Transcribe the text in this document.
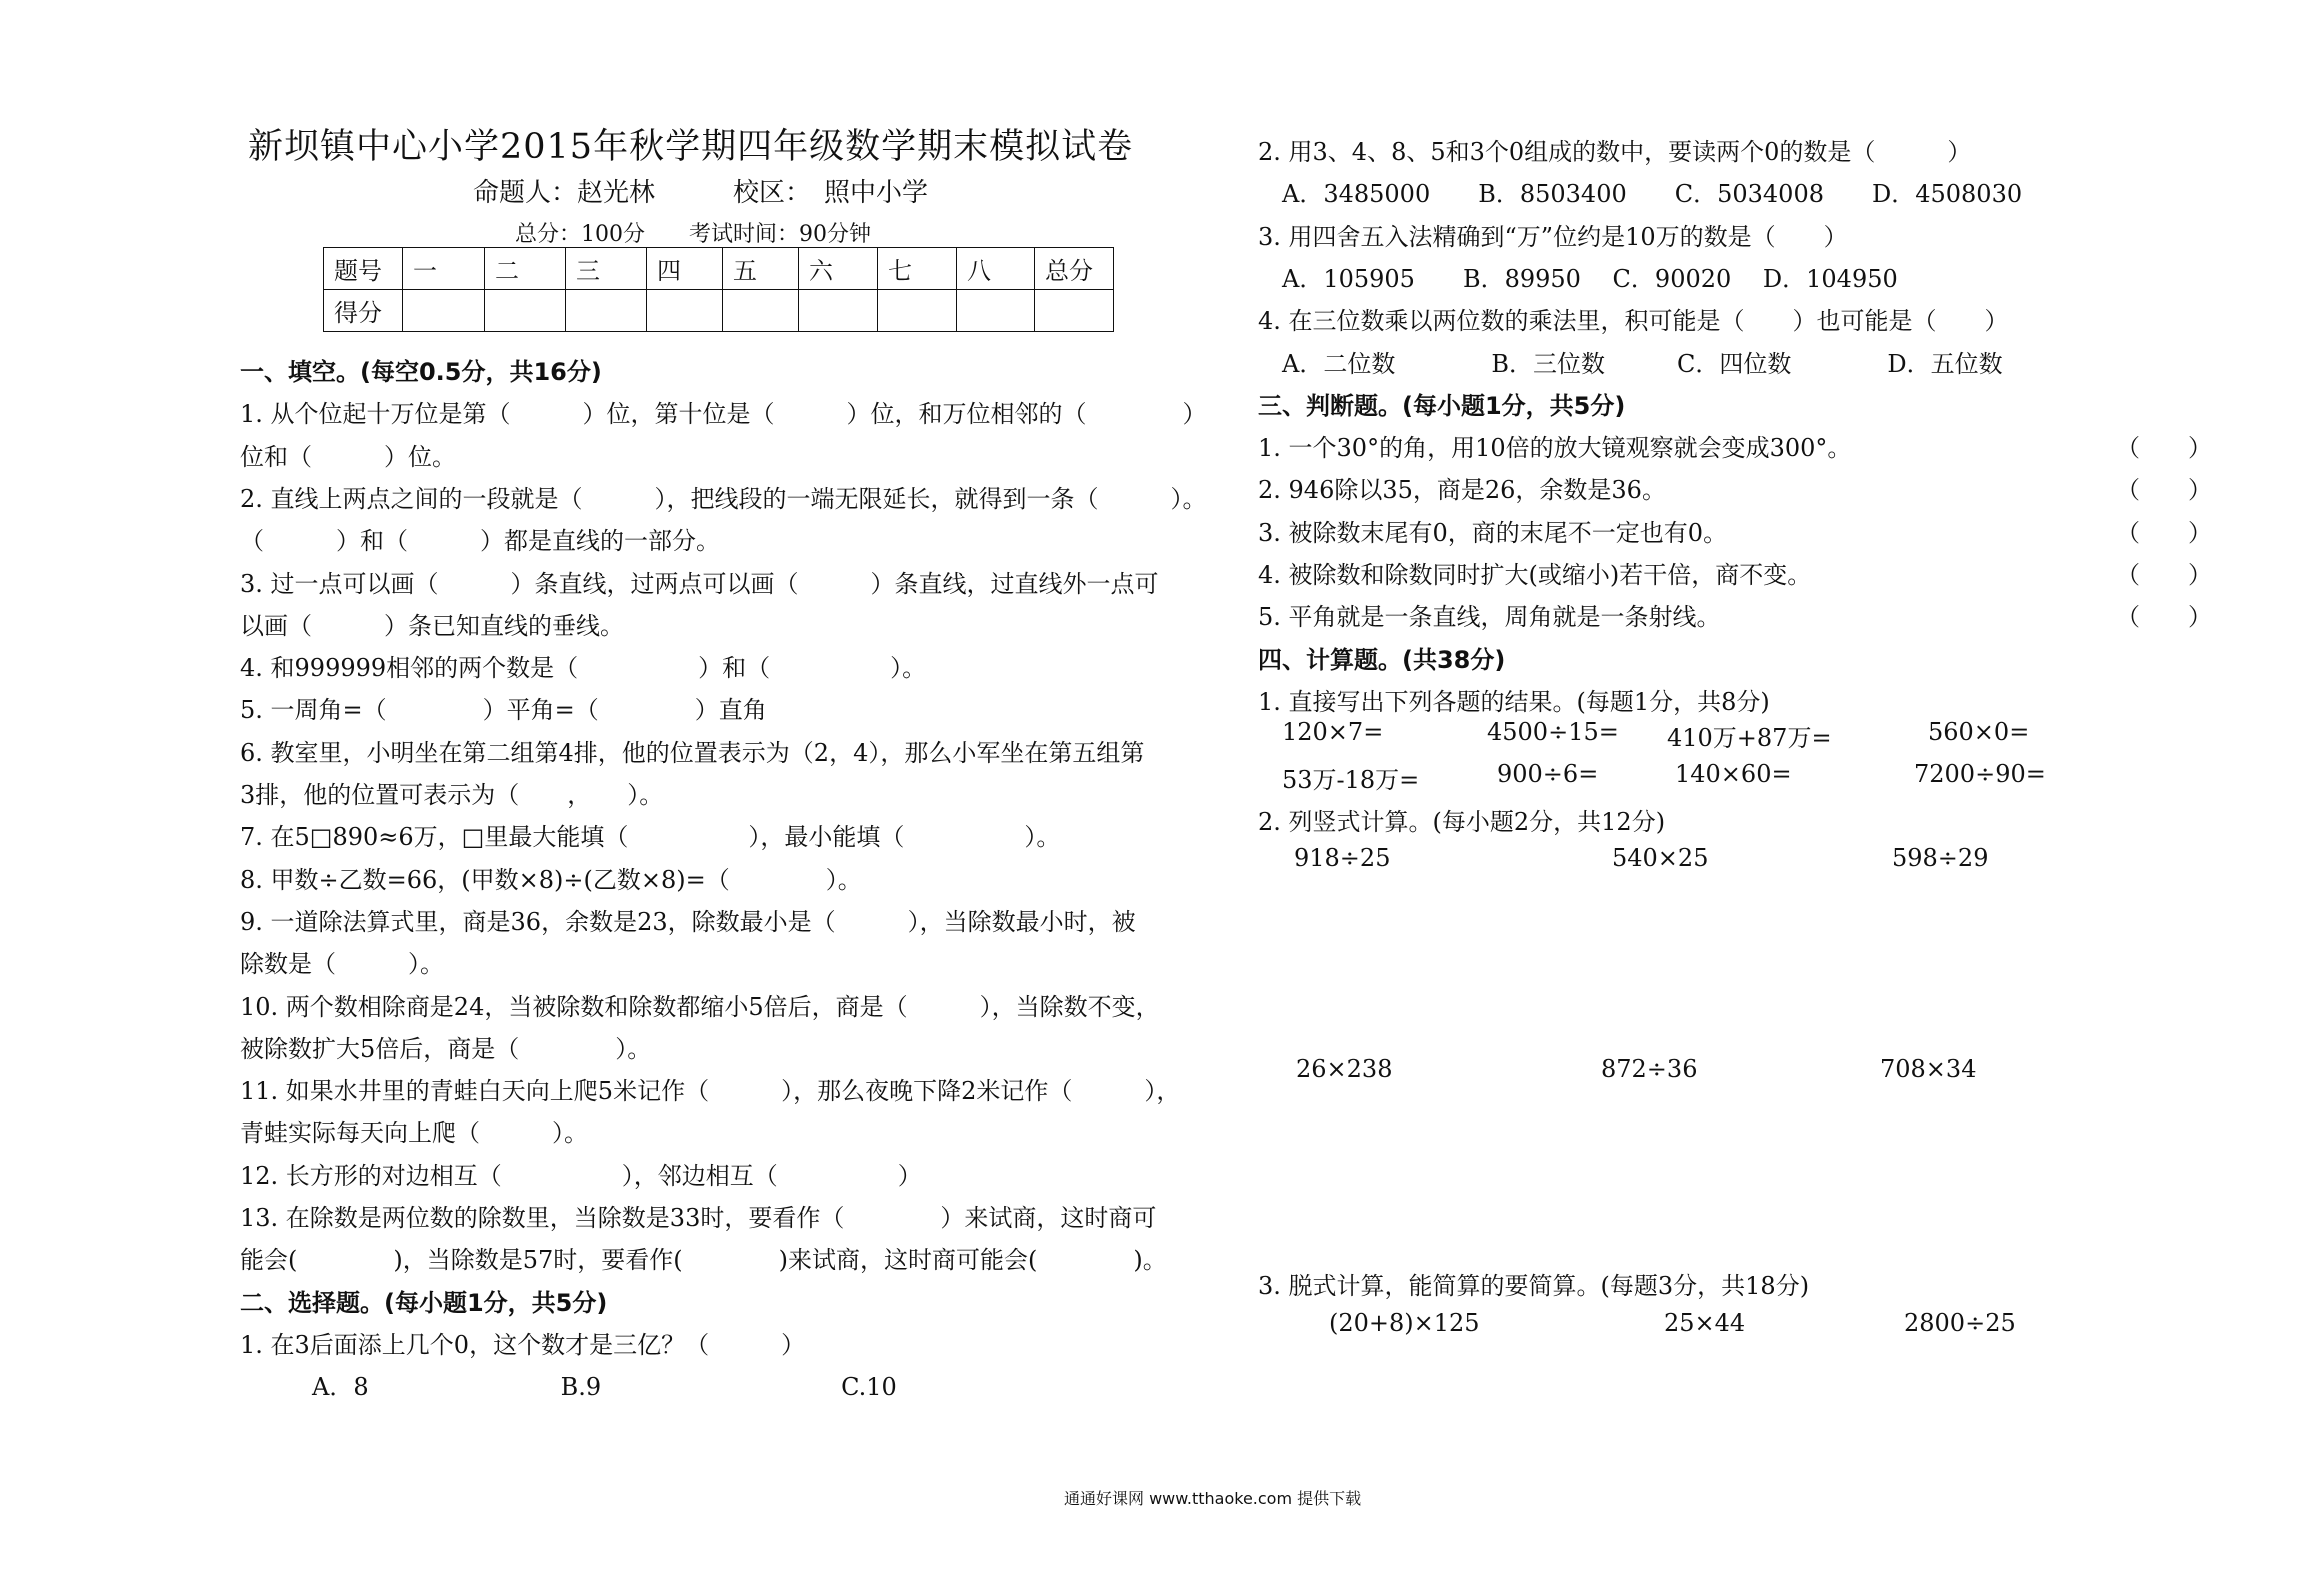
新坝镇中心小学2015年秋学期四年级数学期末模拟试卷
命题人：赵光林　　　校区：　照中小学
总分：100分　　考试时间：90分钟
题号	一	二	三	四	五	六	七	八	总分
得分									
一、填空。(每空0.5分，共16分)
1. 从个位起十万位是第（　　　）位，第十位是（　　　）位，和万位相邻的（　　　　）
位和（　　　）位。
2. 直线上两点之间的一段就是（　　　），把线段的一端无限延长，就得到一条（　　　）。
（　　　）和（　　　）都是直线的一部分。
3. 过一点可以画（　　　）条直线，过两点可以画（　　　）条直线，过直线外一点可
以画（　　　）条已知直线的垂线。
4. 和999999相邻的两个数是（　　　　　）和（　　　　　）。
5. 一周角=（　　　　）平角=（　　　　）直角
6. 教室里，小明坐在第二组第4排，他的位置表示为（2，4），那么小军坐在第五组第
3排，他的位置可表示为（　　，　　）。
7. 在5□890≈6万，□里最大能填（　　　　　），最小能填（　　　　　）。
8. 甲数÷乙数=66，(甲数×8)÷(乙数×8)=（　　　　）。
9. 一道除法算式里，商是36，余数是23，除数最小是（　　　），当除数最小时，被
除数是（　　　）。
10. 两个数相除商是24，当被除数和除数都缩小5倍后，商是（　　　），当除数不变，
被除数扩大5倍后，商是（　　　　）。
11. 如果水井里的青蛙白天向上爬5米记作（　　　），那么夜晚下降2米记作（　　　），
青蛙实际每天向上爬（　　　）。
12. 长方形的对边相互（　　　　　），邻边相互（　　　　　）
13. 在除数是两位数的除数里，当除数是33时，要看作（　　　　）来试商，这时商可
能会(　　　　)，当除数是57时，要看作(　　　　)来试商，这时商可能会(　　　　)。
二、选择题。(每小题1分，共5分)
1. 在3后面添上几个0，这个数才是三亿？（　　　）
　　　A．8　　　　　　　　B.9　　　　　　　　　　C.10
2. 用3、4、8、5和3个0组成的数中，要读两个0的数是（　　　）
　A．3485000　　B．8503400　　C．5034008　　D．4508030
3. 用四舍五入法精确到“万”位约是10万的数是（　　）
　A．105905　　B．89950　 C．90020　 D．104950
4. 在三位数乘以两位数的乘法里，积可能是（　　）也可能是（　　）
　A．二位数　　　　B．三位数　　　C．四位数　　　　D．五位数
三、判断题。(每小题1分，共5分)
1. 一个30°的角，用10倍的放大镜观察就会变成300°。	（　　）
2. 946除以35，商是26，余数是36。	（　　）
3. 被除数末尾有0，商的末尾不一定也有0。	（　　）
4. 被除数和除数同时扩大(或缩小)若干倍，商不变。	（　　）
5. 平角就是一条直线，周角就是一条射线。	（　　）
四、计算题。(共38分)
1. 直接写出下列各题的结果。(每题1分，共8分)
120×7=	4500÷15= 410万+87万=	560×0=
53万-18万=	900÷6=	140×60=	7200÷90=
2. 列竖式计算。(每小题2分，共12分)
918÷25	540×25	598÷29
26×238	872÷36	708×34
3. 脱式计算，能简算的要简算。(每题3分，共18分)
(20+8)×125	25×44	2800÷25
通通好课网 www.tthaoke.com 提供下载
